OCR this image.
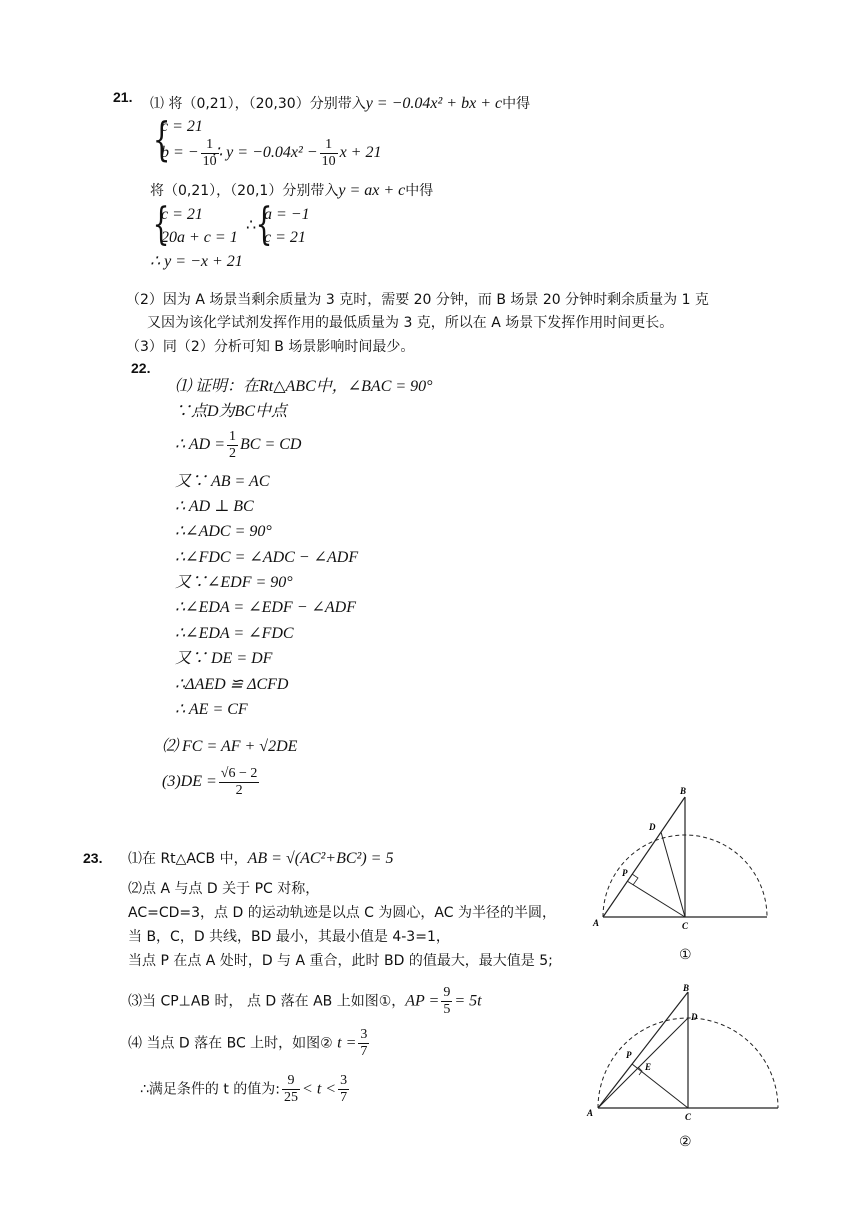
21. ⑴ 将（0,21），（20,30）分别带入y = −0.04x² + bx + c中得
{
c = 21
b = − $\frac{1}{10}$
∴ $y = -0.04x^2 - \frac{1}{10}$ x + 21
将（0,21），（20,1）分别带入y = ax + c中得
{
c = 21
20a + c = 1
∴ {
a = −1
c = 21
∴ y = −x + 21
（2）因为 A 场景当剩余质量为 3 克时，需要 20 分钟，而 B 场景 20 分钟时剩余质量为 1 克
又因为该化学试剂发挥作用的最低质量为 3 克，所以在 A 场景下发挥作用时间更长。
（3）同（2）分析可知 B 场景影响时间最少。
22.
⑴ 证明：在Rt△ABC中，∠BAC = 90°
∵点D为BC中点
∴ AD = $\frac{1}{2}$ BC = CD
又∵ AB = AC
∴ AD ⊥ BC
∴∠ADC = 90°
∴∠FDC = ∠ADC − ∠ADF
又∵∠EDF = 90°
∴∠EDA = ∠EDF − ∠ADF
∴∠EDA = ∠FDC
又∵ DE = DF
∴ΔAED ≌ ΔCFD
∴ AE = CF
⑵ FC = AF + √2DE
$(3)DE = \frac{√6 - 2}{2}$
23. ⑴在 Rt△ACB 中，AB = √(AC²+BC²) = 5
⑵点 A 与点 D 关于 PC 对称，
AC=CD=3，点 D 的运动轨迹是以点 C 为圆心，AC 为半径的半圆，
当 B，C，D 共线，BD 最小，其最小值是 4-3=1，
当点 P 在点 A 处时，D 与 A 重合，此时 BD 的值最大，最大值是 5;
⑶当 CP⊥AB 时， 点 D 落在 AB 上如图①，AP = $\frac{9}{5} = 5t$
⑷ 当点 D 落在 BC 上时，如图② $t = \frac{3}{7}$
∴满足条件的 t 的值为: $\frac{9}{25} < t < \frac{3}{7}$
B
D
P
A	C
①
B
D
P
E
A	C
②
